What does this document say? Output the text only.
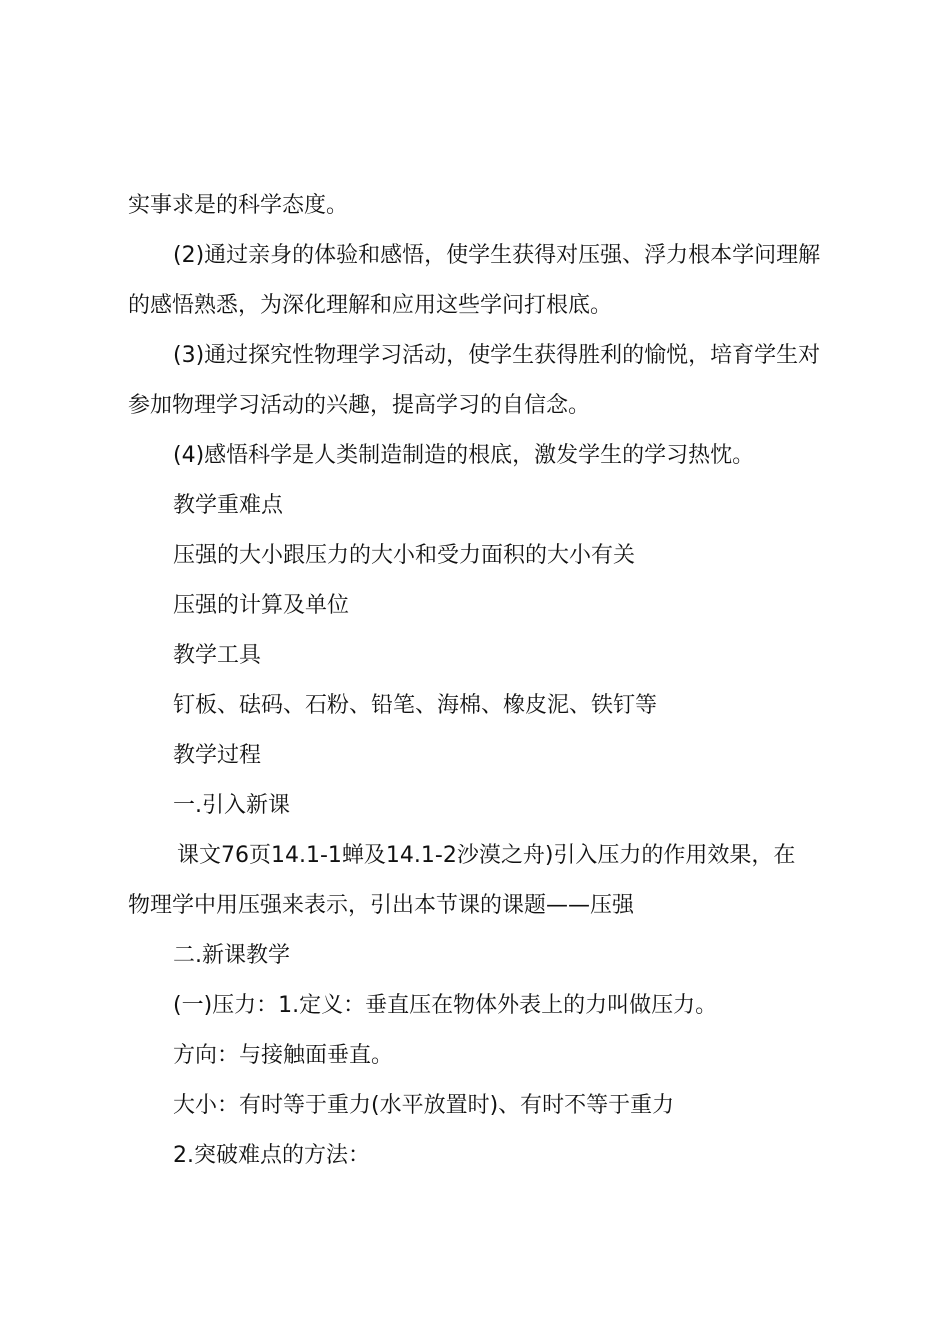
实事求是的科学态度。
(2)通过亲身的体验和感悟，使学生获得对压强、浮力根本学问理解
的感悟熟悉，为深化理解和应用这些学问打根底。
(3)通过探究性物理学习活动，使学生获得胜利的愉悦，培育学生对
参加物理学习活动的兴趣，提高学习的自信念。
(4)感悟科学是人类制造制造的根底，激发学生的学习热忱。
教学重难点
压强的大小跟压力的大小和受力面积的大小有关
压强的计算及单位
教学工具
钉板、砝码、石粉、铅笔、海棉、橡皮泥、铁钉等
教学过程
一.引入新课
课文76页14.1-1蝉及14.1-2沙漠之舟)引入压力的作用效果，在
物理学中用压强来表示，引出本节课的课题——压强
二.新课教学
(一)压力：1.定义：垂直压在物体外表上的力叫做压力。
方向：与接触面垂直。
大小：有时等于重力(水平放置时)、有时不等于重力
2.突破难点的方法：
